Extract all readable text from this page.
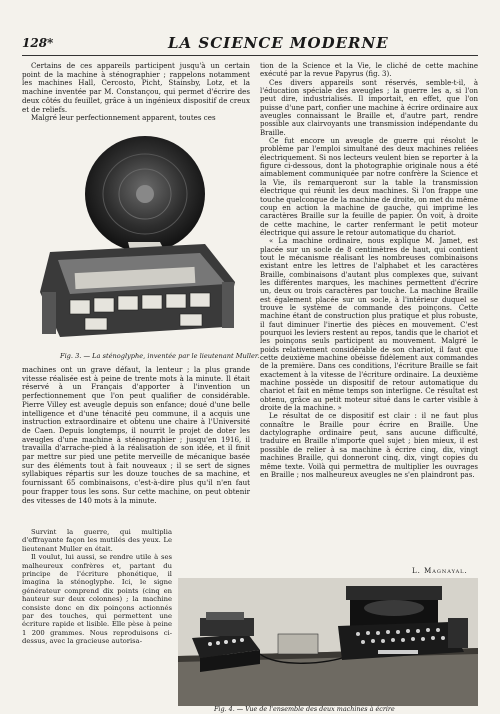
128*	LA SCIENCE MODERNE

Certains de ces appareils participent jusqu'à un certain point de la machine à sténographier ; rappelons notamment les machines Hall, Cercosto, Picht, Stainsby, Lotz, et la machine inventée par M. Constançou, qui permet d'écrire des deux côtés du feuillet, grâce à un ingénieux dispositif de creux et de reliefs.

Malgré leur perfectionnement apparent, toutes ces

Fig. 3. — La sténoglyphe, inventée par le lieutenant Muller.

machines ont un grave défaut, la lenteur ; la plus grande vitesse réalisée est à peine de trente mots à la minute. Il était réservé à un Français d'apporter à l'invention un perfectionnement que l'on peut qualifier de considérable. Pierre Villey est aveugle depuis son enfance; doué d'une belle intelligence et d'une ténacité peu commune, il a acquis une instruction extraordinaire et obtenu une chaire à l'Université de Caen. Depuis longtemps, il nourrit le projet de doter les aveugles d'une machine à sténographier ; jusqu'en 1916, il travailla d'arrache-pied à la réalisation de son idée, et il finit par mettre sur pied une petite merveille de mécanique basée sur des éléments tout à fait nouveaux ; il se sert de signes syllabiques répartis sur les douze touches de sa machine, et fournissant 65 combinaisons, c'est-à-dire plus qu'il n'en faut pour frapper tous les sons. Sur cette machine, on peut obtenir des vitesses de 140 mots à la minute.

Survint la guerre, qui multiplia d'effrayante façon les mutilés des yeux. Le lieutenant Muller en était.

Il voulut, lui aussi, se rendre utile à ses malheureux confrères et, partant du principe de l'écriture phonétique, il imagina la sténoglyphe. Ici, le signe générateur comprend dix points (cinq en hauteur sur deux colonnes) ; la machine consiste donc en dix poinçons actionnés par des touches, qui permettent une écriture rapide et lisible. Elle pèse à peine 1 200 grammes. Nous reproduisons ci-dessus, avec la gracieuse autorisa-

tion de la Science et la Vie, le cliché de cette machine exécuté par la revue Papyrus (fig. 3).

Ces divers appareils sont réservés, semble-t-il, à l'éducation spéciale des aveugles ; la guerre les a, si l'on peut dire, industrialisés. Il importait, en effet, que l'on puisse d'une part, confier une machine à écrire ordinaire aux aveugles connaissant le Braille et, d'autre part, rendre possible aux clairvoyants une transmission indépendante du Braille.

Ce fut encore un aveugle de guerre qui résolut le problème par l'emploi simultané des deux machines reliées électriquement. Si nos lecteurs veulent bien se reporter à la figure ci-dessous, dont la photographie originale nous a été aimablement communiquée par notre confrère la Science et la Vie, ils remarqueront sur la table la transmission électrique qui réunit les deux machines. Si l'on frappe une touche quelconque de la machine de droite, on met du même coup en action la machine de gauche, qui imprime les caractères Braille sur la feuille de papier. On voit, à droite de cette machine, le carter renfermant le petit moteur électrique qui assure le retour automatique du chariot.

« La machine ordinaire, nous explique M. Jamet, est placée sur un socle de 8 centimètres de haut, qui contient tout le mécanisme réalisant les nombreuses combinaisons existant entre les lettres de l'alphabet et les caractères Braille, combinaisons d'autant plus complexes que, suivant les différentes marques, les machines permettent d'écrire un, deux ou trois caractères par touche. La machine Braille est également placée sur un socle, à l'intérieur duquel se trouve le système de commande des poinçons. Cette machine étant de construction plus pratique et plus robuste, il faut diminuer l'inertie des pièces en mouvement. C'est pourquoi les leviers restent au repos, tandis que le chariot et les poinçons seuls participent au mouvement. Malgré le poids relativement considérable de son chariot, il faut que cette deuxième machine obéisse fidèlement aux commandes de la première. Dans ces conditions, l'écriture Braille se fait exactement à la vitesse de l'écriture ordinaire. La deuxième machine possède un dispositif de retour automatique du chariot et fait en même temps son interligne. Ce résultat est obtenu, grâce au petit moteur situé dans le carter visible à droite de la machine. »

Le résultat de ce dispositif est clair : il ne faut plus connaître le Braille pour écrire en Braille. Une dactylographe ordinaire peut, sans aucune difficulté, traduire en Braille n'importe quel sujet ; bien mieux, il est possible de relier à sa machine à écrire cinq, dix, vingt machines Braille, qui donneront cinq, dix, vingt copies du même texte. Voilà qui permettra de multiplier les ouvrages en Braille ; nos malheureux aveugles ne s'en plaindront pas.

L. Magnayal.
Fig. 4. — Vue de l'ensemble des deux machines à écrire
